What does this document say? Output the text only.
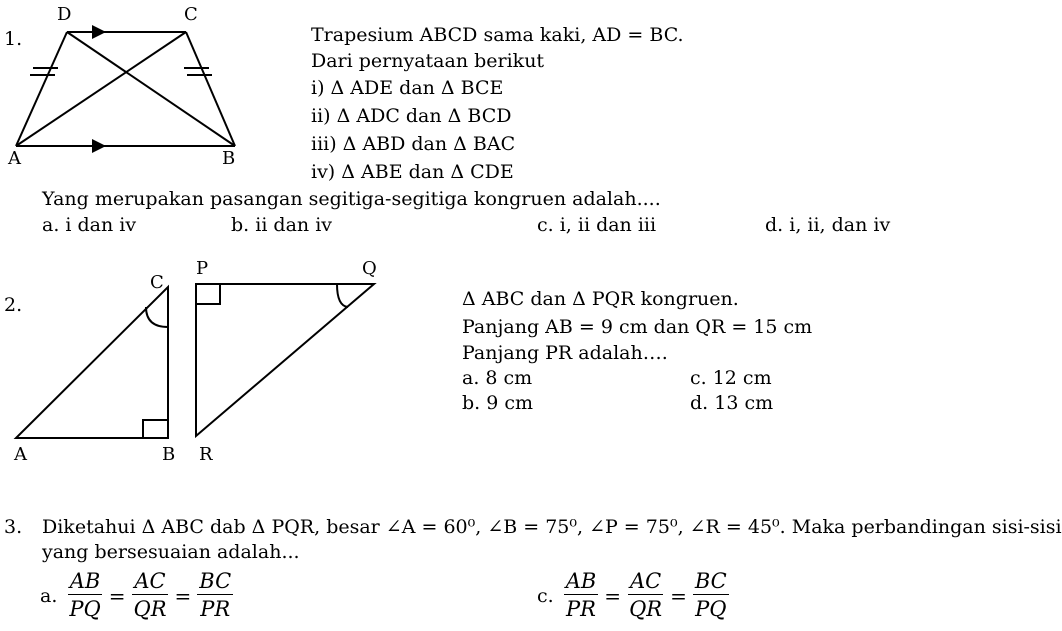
1.
D	C
A	B
Trapesium ABCD sama kaki, AD = BC.
Dari pernyataan berikut
i) Δ ADE dan Δ BCE
ii) Δ ADC dan Δ BCD
iii) Δ ABD dan Δ BAC
iv) Δ ABE dan Δ CDE
Yang merupakan pasangan segitiga-segitiga kongruen adalah....
a. i dan iv	b. ii dan iv	c. i, ii dan iii	d. i, ii, dan iv
2.
C
A	B
P	Q
R
Δ ABC dan Δ PQR kongruen.
Panjang AB = 9 cm dan QR = 15 cm
Panjang PR adalah….
a. 8 cm	c. 12 cm
b. 9 cm	d. 13 cm
3. Diketahui Δ ABC dab Δ PQR, besar ∠A = 60⁰, ∠B = 75⁰, ∠P = 75⁰, ∠R = 45⁰. Maka perbandingan sisi-sisi
yang bersesuaian adalah...
a. $\frac{AB}{PQ} = \frac{AC}{QR} = \frac{BC}{PR}$	c. $\frac{AB}{PR} = \frac{AC}{QR} = \frac{BC}{PQ}$
